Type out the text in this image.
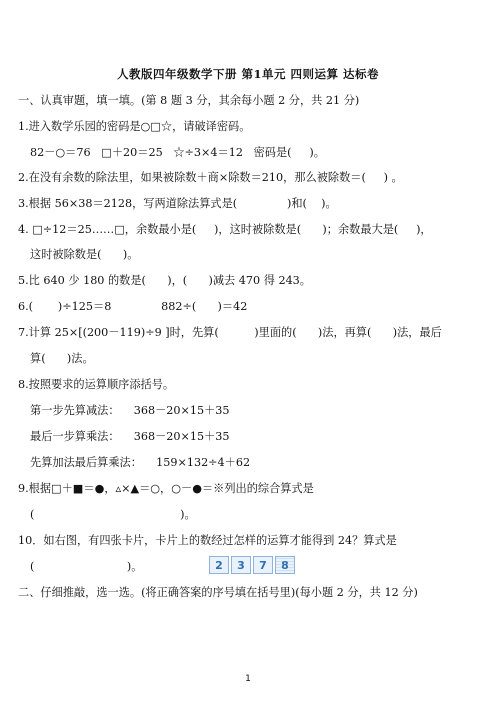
人教版四年级数学下册 第1单元 四则运算 达标卷
一、认真审题，填一填。(第 8 题 3 分，其余每小题 2 分，共 21 分)
1.进入数学乐园的密码是○□☆，请破译密码。
82－○＝76   □＋20＝25   ☆÷3×4＝12   密码是(     )。
2.在没有余数的除法里，如果被除数＋商×除数＝210，那么被除数＝(     ) 。
3.根据 56×38＝2128，写两道除法算式是(              )和(    )。
4. □÷12＝25……□，余数最小是(     )，这时被除数是(      )；余数最大是(     )，
这时被除数是(      )。
5.比 640 少 180 的数是(      )，(      )减去 470 得 243。
6.(       )÷125＝8              882÷(      )＝42
7.计算 25×[(200－119)÷9 ]时，先算(          )里面的(      )法，再算(      )法，最后
算(      )法。
8.按照要求的运算顺序添括号。
第一步先算减法：    368－20×15＋35
最后一步算乘法：    368－20×15＋35
先算加法最后算乘法：    159×132÷4＋62
9.根据□＋■＝●，▵×▲＝○，○－●＝※列出的综合算式是
(                                         )。
10．如右图，有四张卡片，卡片上的数经过怎样的运算才能得到 24？算式是
(                          )。	2	3	7	8
二、仔细推敲，选一选。(将正确答案的序号填在括号里)(每小题 2 分，共 12 分)
1
